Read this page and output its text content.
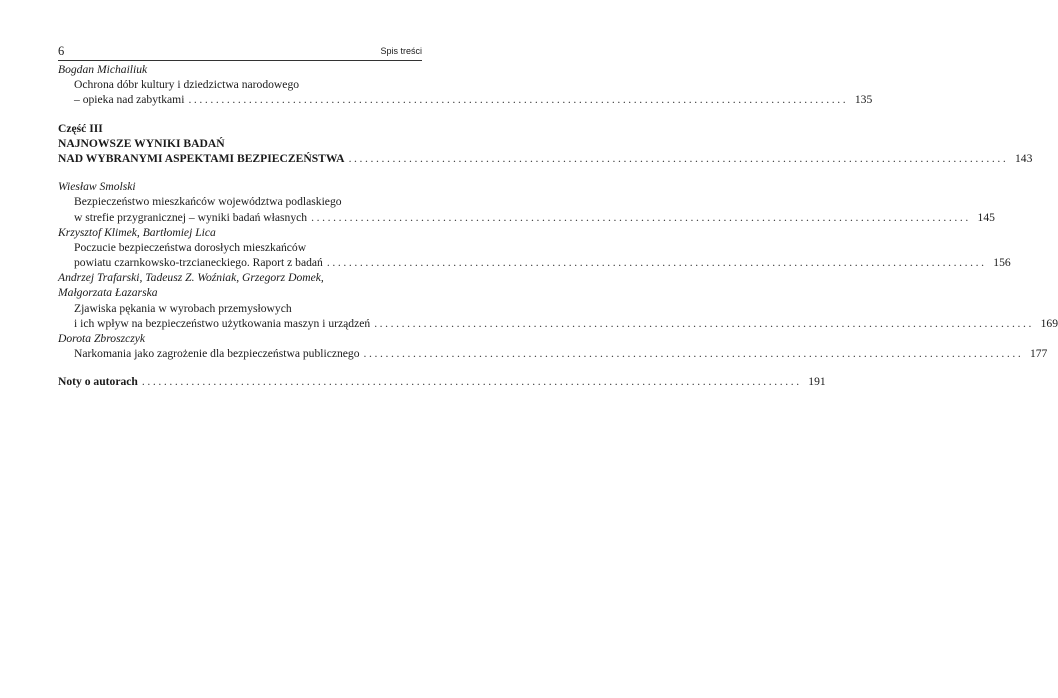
6	Spis treści
Bogdan Michailiuk
Ochrona dóbr kultury i dziedzictwa narodowego
– opieka nad zabytkami ........................................................................................................................ 135
Część III
NAJNOWSZE WYNIKI BADAŃ
NAD WYBRANYMI ASPEKTAMI BEZPIECZEŃSTWA ........................................................................................................................ 143
Wiesław Smolski
Bezpieczeństwo mieszkańców województwa podlaskiego
w strefie przygranicznej – wyniki badań własnych ........................................................................................................................ 145
Krzysztof Klimek, Bartłomiej Lica
Poczucie bezpieczeństwa dorosłych mieszkańców
powiatu czarnkowsko-trzcianeckiego. Raport z badań ........................................................................................................................ 156
Andrzej Trafarski, Tadeusz Z. Woźniak, Grzegorz Domek,
Małgorzata Łazarska
Zjawiska pękania w wyrobach przemysłowych
i ich wpływ na bezpieczeństwo użytkowania maszyn i urządzeń ........................................................................................................................ 169
Dorota Zbroszczyk
Narkomania jako zagrożenie dla bezpieczeństwa publicznego ........................................................................................................................ 177
Noty o autorach ........................................................................................................................ 191
